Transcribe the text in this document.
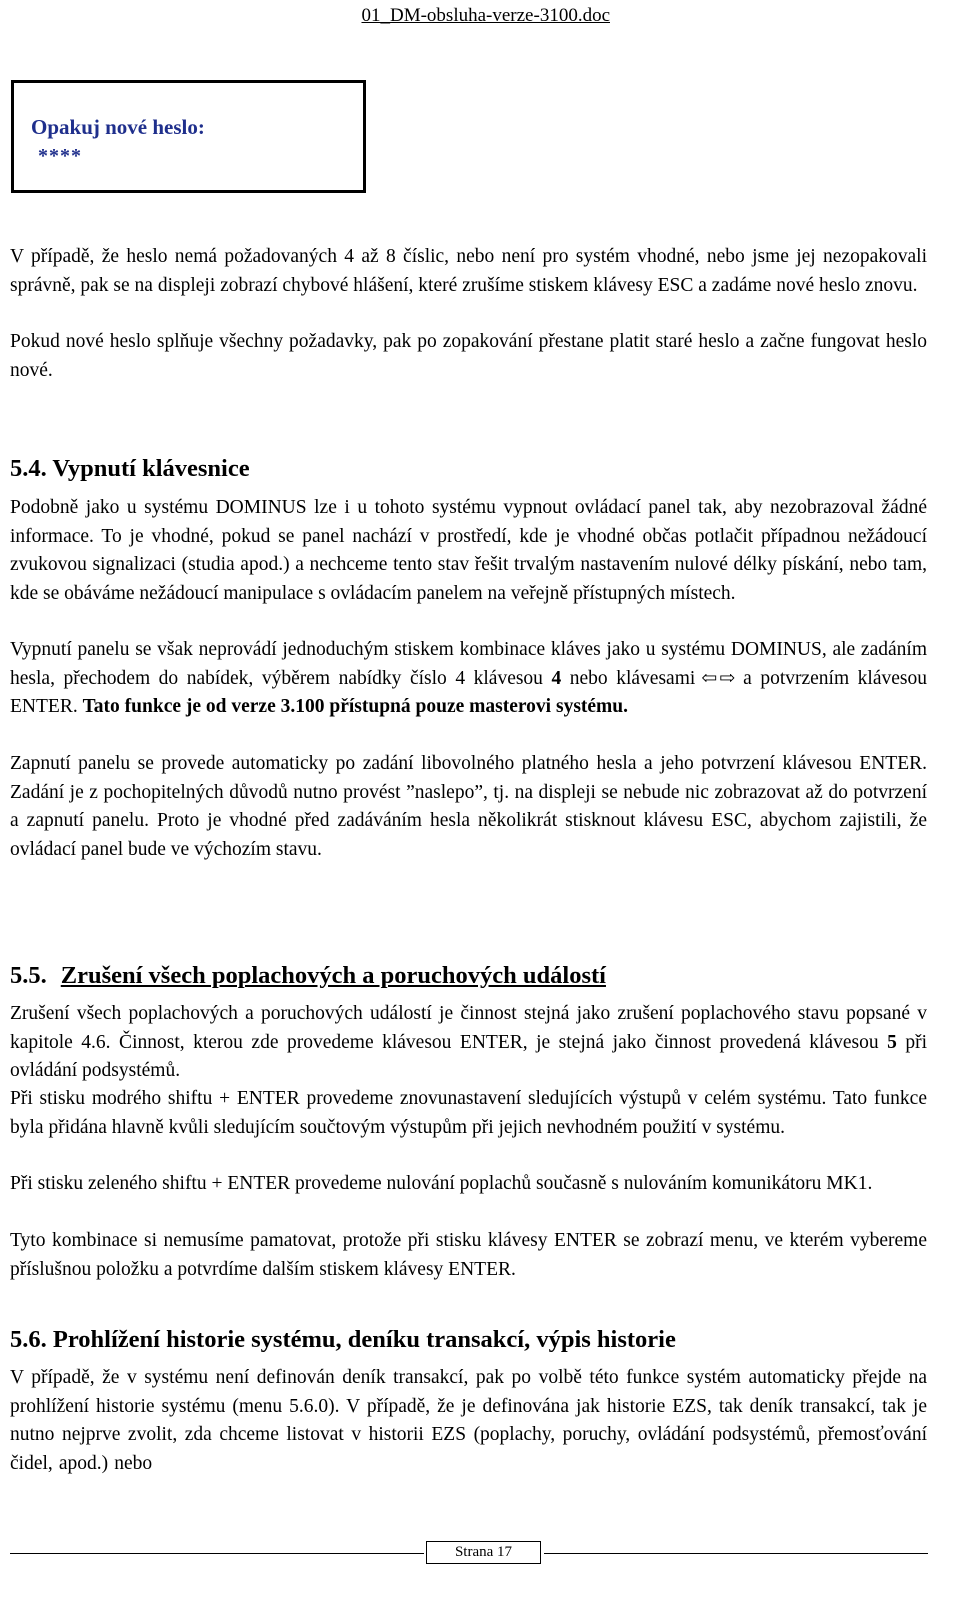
01_DM-obsluha-verze-3100.doc
Opakuj nové heslo:
****

V případě, že heslo nemá požadovaných 4 až 8 číslic, nebo není pro systém vhodné, nebo jsme jej nezopakovali správně, pak se na displeji zobrazí chybové hlášení, které zrušíme stiskem klávesy ESC a zadáme nové heslo znovu.

Pokud nové heslo splňuje všechny požadavky, pak po zopakování přestane platit staré heslo a začne fungovat heslo nové.

5.4. Vypnutí klávesnice

Podobně jako u systému DOMINUS lze i u tohoto systému vypnout ovládací panel tak, aby nezobrazoval žádné informace. To je vhodné, pokud se panel nachází v prostředí, kde je vhodné občas potlačit případnou nežádoucí zvukovou signalizaci (studia apod.) a nechceme tento stav řešit trvalým nastavením nulové délky pískání, nebo tam, kde se obáváme nežádoucí manipulace s ovládacím panelem na veřejně přístupných místech.

Vypnutí panelu se však neprovádí jednoduchým stiskem kombinace kláves jako u systému DOMINUS, ale zadáním hesla, přechodem do nabídek, výběrem nabídky číslo 4 klávesou 4 nebo klávesami ⇦⇨ a potvrzením klávesou ENTER. Tato funkce je od verze 3.100 přístupná pouze masterovi systému.

Zapnutí panelu se provede automaticky po zadání libovolného platného hesla a jeho potvrzení klávesou ENTER. Zadání je z pochopitelných důvodů nutno provést ”naslepo”, tj. na displeji se nebude nic zobrazovat až do potvrzení a zapnutí panelu. Proto je vhodné před zadáváním hesla několikrát stisknout klávesu ESC, abychom zajistili, že ovládací panel bude ve výchozím stavu.

5.5. Zrušení všech poplachových a poruchových událostí

Zrušení všech poplachových a poruchových událostí je činnost stejná jako zrušení poplachového stavu popsané v kapitole 4.6. Činnost, kterou zde provedeme klávesou ENTER, je stejná jako činnost provedená klávesou 5 při ovládání podsystémů.

Při stisku modrého shiftu + ENTER provedeme znovunastavení sledujících výstupů v celém systému. Tato funkce byla přidána hlavně kvůli sledujícím součtovým výstupům při jejich nevhodném použití v systému.

Při stisku zeleného shiftu + ENTER provedeme nulování poplachů současně s nulováním komunikátoru MK1.

Tyto kombinace si nemusíme pamatovat, protože při stisku klávesy ENTER se zobrazí menu, ve kterém vybereme příslušnou položku a potvrdíme dalším stiskem klávesy ENTER.

5.6. Prohlížení historie systému, deníku transakcí, výpis historie

V případě, že v systému není definován deník transakcí, pak po volbě této funkce systém automaticky přejde na prohlížení historie systému (menu 5.6.0). V případě, že je definována jak historie EZS, tak deník transakcí, tak je nutno nejprve zvolit, zda chceme listovat v historii EZS (poplachy, poruchy, ovládání podsystémů, přemosťování čidel, apod.) nebo

Strana 17
